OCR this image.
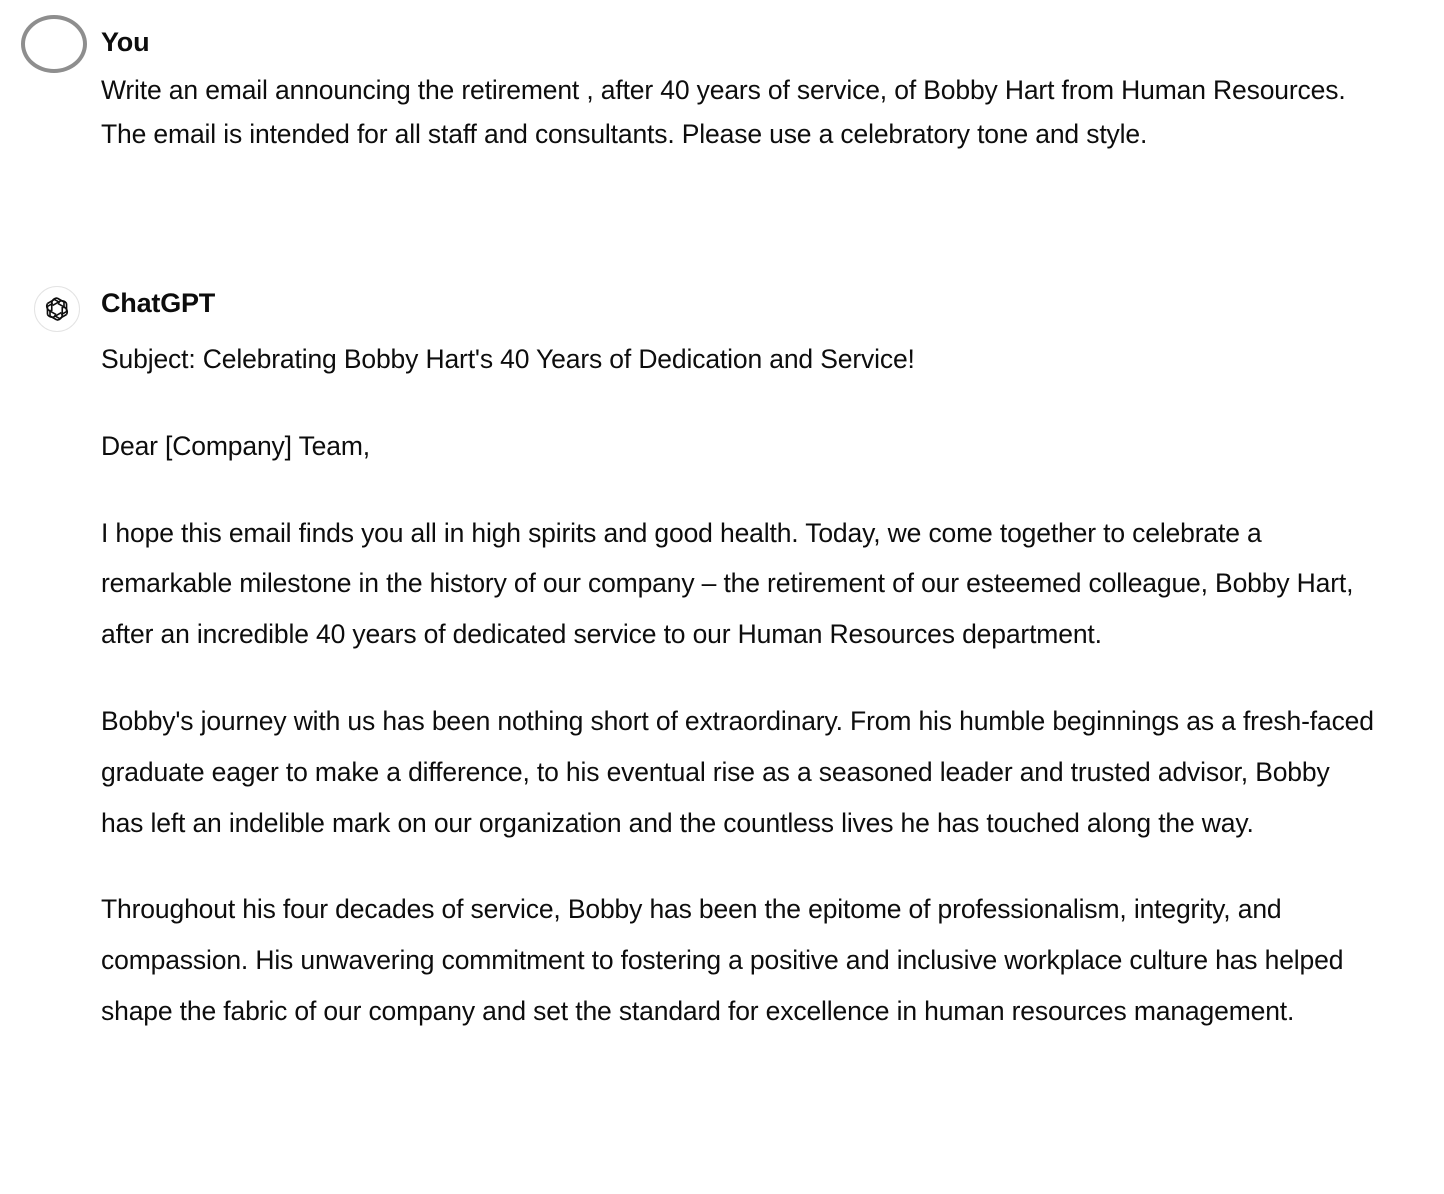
You
Write an email announcing the retirement , after 40 years of service, of Bobby Hart from Human Resources. The email is intended for all staff and consultants. Please use a celebratory tone and style.
ChatGPT

Subject: Celebrating Bobby Hart's 40 Years of Dedication and Service!

Dear [Company] Team,

I hope this email finds you all in high spirits and good health. Today, we come together to celebrate a remarkable milestone in the history of our company – the retirement of our esteemed colleague, Bobby Hart, after an incredible 40 years of dedicated service to our Human Resources department.

Bobby's journey with us has been nothing short of extraordinary. From his humble beginnings as a fresh-faced graduate eager to make a difference, to his eventual rise as a seasoned leader and trusted advisor, Bobby has left an indelible mark on our organization and the countless lives he has touched along the way.

Throughout his four decades of service, Bobby has been the epitome of professionalism, integrity, and compassion. His unwavering commitment to fostering a positive and inclusive workplace culture has helped shape the fabric of our company and set the standard for excellence in human resources management.
